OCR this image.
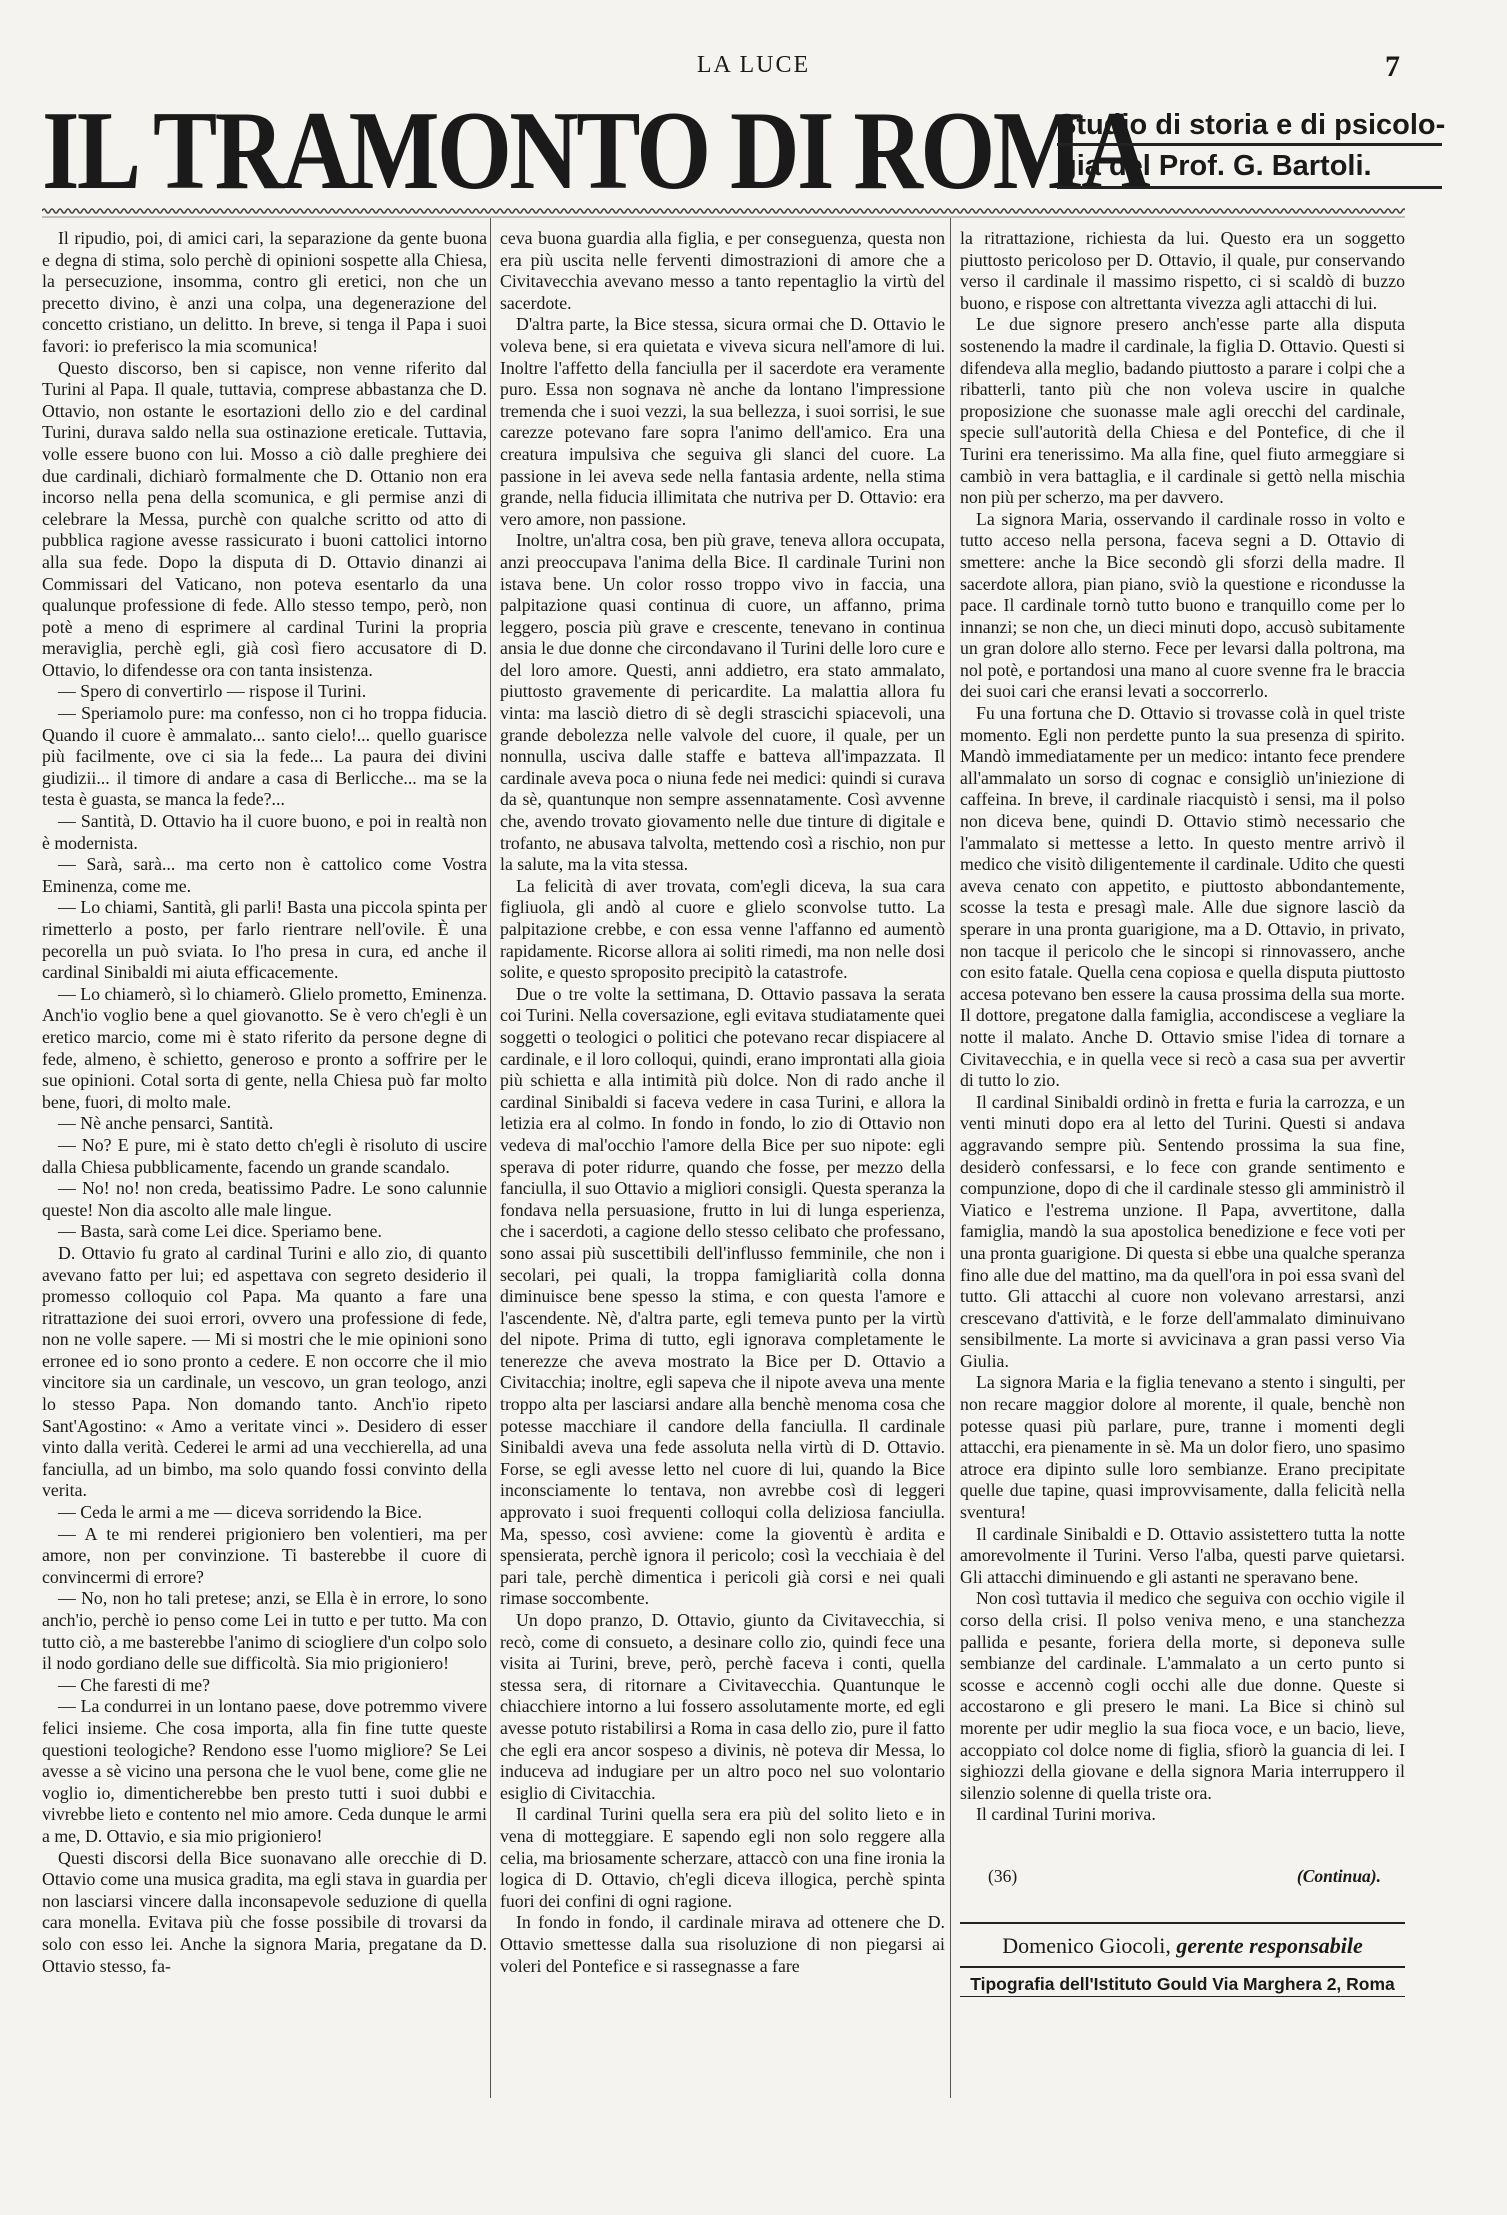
LA LUCE	7
IL TRAMONTO DI ROMA
Studio di storia e di psicolo-
gia del Prof. G. Bartoli.

Il ripudio, poi, di amici cari, la separazione da gente buona e degna di stima, solo perchè di opinioni sospette alla Chiesa, la persecuzione, insomma, contro gli eretici, non che un precetto divino, è anzi una colpa, una degenerazione del concetto cristiano, un delitto. In breve, si tenga il Papa i suoi favori: io preferisco la mia scomunica!

Questo discorso, ben si capisce, non venne riferito dal Turini al Papa. Il quale, tuttavia, comprese abbastanza che D. Ottavio, non ostante le esortazioni dello zio e del cardinal Turini, durava saldo nella sua ostinazione ereticale. Tuttavia, volle essere buono con lui. Mosso a ciò dalle preghiere dei due cardinali, dichiarò formalmente che D. Ottanio non era incorso nella pena della scomunica, e gli permise anzi di celebrare la Messa, purchè con qualche scritto od atto di pubblica ragione avesse rassicurato i buoni cattolici intorno alla sua fede. Dopo la disputa di D. Ottavio dinanzi ai Commissari del Vaticano, non poteva esentarlo da una qualunque professione di fede. Allo stesso tempo, però, non potè a meno di esprimere al cardinal Turini la propria meraviglia, perchè egli, già così fiero accusatore di D. Ottavio, lo difendesse ora con tanta insistenza.

— Spero di convertirlo — rispose il Turini.

— Speriamolo pure: ma confesso, non ci ho troppa fiducia. Quando il cuore è ammalato... santo cielo!... quello guarisce più facilmente, ove ci sia la fede... La paura dei divini giudizii... il timore di andare a casa di Berlicche... ma se la testa è guasta, se manca la fede?...

— Santità, D. Ottavio ha il cuore buono, e poi in realtà non è modernista.

— Sarà, sarà... ma certo non è cattolico come Vostra Eminenza, come me.

— Lo chiami, Santità, gli parli! Basta una piccola spinta per rimetterlo a posto, per farlo rientrare nell'ovile. È una pecorella un può sviata. Io l'ho presa in cura, ed anche il cardinal Sinibaldi mi aiuta efficacemente.

— Lo chiamerò, sì lo chiamerò. Glielo prometto, Eminenza. Anch'io voglio bene a quel giovanotto. Se è vero ch'egli è un eretico marcio, come mi è stato riferito da persone degne di fede, almeno, è schietto, generoso e pronto a soffrire per le sue opinioni. Cotal sorta di gente, nella Chiesa può far molto bene, fuori, di molto male.

— Nè anche pensarci, Santità.

— No? E pure, mi è stato detto ch'egli è risoluto di uscire dalla Chiesa pubblicamente, facendo un grande scandalo.

— No! no! non creda, beatissimo Padre. Le sono calunnie queste! Non dia ascolto alle male lingue.

— Basta, sarà come Lei dice. Speriamo bene.

D. Ottavio fu grato al cardinal Turini e allo zio, di quanto avevano fatto per lui; ed aspettava con segreto desiderio il promesso colloquio col Papa. Ma quanto a fare una ritrattazione dei suoi errori, ovvero una professione di fede, non ne volle sapere. — Mi si mostri che le mie opinioni sono erronee ed io sono pronto a cedere. E non occorre che il mio vincitore sia un cardinale, un vescovo, un gran teologo, anzi lo stesso Papa. Non domando tanto. Anch'io ripeto Sant'Agostino: « Amo a veritate vinci ». Desidero di esser vinto dalla verità. Cederei le armi ad una vecchierella, ad una fanciulla, ad un bimbo, ma solo quando fossi convinto della verita.

— Ceda le armi a me — diceva sorridendo la Bice.

— A te mi renderei prigioniero ben volentieri, ma per amore, non per convinzione. Ti basterebbe il cuore di convincermi di errore?

— No, non ho tali pretese; anzi, se Ella è in errore, lo sono anch'io, perchè io penso come Lei in tutto e per tutto. Ma con tutto ciò, a me basterebbe l'animo di sciogliere d'un colpo solo il nodo gordiano delle sue difficoltà. Sia mio prigioniero!

— Che faresti di me?

— La condurrei in un lontano paese, dove potremmo vivere felici insieme. Che cosa importa, alla fin fine tutte queste questioni teologiche? Rendono esse l'uomo migliore? Se Lei avesse a sè vicino una persona che le vuol bene, come glie ne voglio io, dimenticherebbe ben presto tutti i suoi dubbi e vivrebbe lieto e contento nel mio amore. Ceda dunque le armi a me, D. Ottavio, e sia mio prigioniero!

Questi discorsi della Bice suonavano alle orecchie di D. Ottavio come una musica gradita, ma egli stava in guardia per non lasciarsi vincere dalla inconsapevole seduzione di quella cara monella. Evitava più che fosse possibile di trovarsi da solo con esso lei. Anche la signora Maria, pregatane da D. Ottavio stesso, fa-

ceva buona guardia alla figlia, e per conseguenza, questa non era più uscita nelle ferventi dimostrazioni di amore che a Civitavecchia avevano messo a tanto repentaglio la virtù del sacerdote.

D'altra parte, la Bice stessa, sicura ormai che D. Ottavio le voleva bene, si era quietata e viveva sicura nell'amore di lui. Inoltre l'affetto della fanciulla per il sacerdote era veramente puro. Essa non sognava nè anche da lontano l'impressione tremenda che i suoi vezzi, la sua bellezza, i suoi sorrisi, le sue carezze potevano fare sopra l'animo dell'amico. Era una creatura impulsiva che seguiva gli slanci del cuore. La passione in lei aveva sede nella fantasia ardente, nella stima grande, nella fiducia illimitata che nutriva per D. Ottavio: era vero amore, non passione.

Inoltre, un'altra cosa, ben più grave, teneva allora occupata, anzi preoccupava l'anima della Bice. Il cardinale Turini non istava bene. Un color rosso troppo vivo in faccia, una palpitazione quasi continua di cuore, un affanno, prima leggero, poscia più grave e crescente, tenevano in continua ansia le due donne che circondavano il Turini delle loro cure e del loro amore. Questi, anni addietro, era stato ammalato, piuttosto gravemente di pericardite. La malattia allora fu vinta: ma lasciò dietro di sè degli strascichi spiacevoli, una grande debolezza nelle valvole del cuore, il quale, per un nonnulla, usciva dalle staffe e batteva all'impazzata. Il cardinale aveva poca o niuna fede nei medici: quindi si curava da sè, quantunque non sempre assennatamente. Così avvenne che, avendo trovato giovamento nelle due tinture di digitale e trofanto, ne abusava talvolta, mettendo così a rischio, non pur la salute, ma la vita stessa.

La felicità di aver trovata, com'egli diceva, la sua cara figliuola, gli andò al cuore e glielo sconvolse tutto. La palpitazione crebbe, e con essa venne l'affanno ed aumentò rapidamente. Ricorse allora ai soliti rimedi, ma non nelle dosi solite, e questo sproposito precipitò la catastrofe.

Due o tre volte la settimana, D. Ottavio passava la serata coi Turini. Nella coversazione, egli evitava studiatamente quei soggetti o teologici o politici che potevano recar dispiacere al cardinale, e il loro colloqui, quindi, erano improntati alla gioia più schietta e alla intimità più dolce. Non di rado anche il cardinal Sinibaldi si faceva vedere in casa Turini, e allora la letizia era al colmo. In fondo in fondo, lo zio di Ottavio non vedeva di mal'occhio l'amore della Bice per suo nipote: egli sperava di poter ridurre, quando che fosse, per mezzo della fanciulla, il suo Ottavio a migliori consigli. Questa speranza la fondava nella persuasione, frutto in lui di lunga esperienza, che i sacerdoti, a cagione dello stesso celibato che professano, sono assai più suscettibili dell'influsso femminile, che non i secolari, pei quali, la troppa famigliarità colla donna diminuisce bene spesso la stima, e con questa l'amore e l'ascendente. Nè, d'altra parte, egli temeva punto per la virtù del nipote. Prima di tutto, egli ignorava completamente le tenerezze che aveva mostrato la Bice per D. Ottavio a Civitacchia; inoltre, egli sapeva che il nipote aveva una mente troppo alta per lasciarsi andare alla benchè menoma cosa che potesse macchiare il candore della fanciulla. Il cardinale Sinibaldi aveva una fede assoluta nella virtù di D. Ottavio. Forse, se egli avesse letto nel cuore di lui, quando la Bice inconsciamente lo tentava, non avrebbe così di leggeri approvato i suoi frequenti colloqui colla deliziosa fanciulla. Ma, spesso, così avviene: come la gioventù è ardita e spensierata, perchè ignora il pericolo; così la vecchiaia è del pari tale, perchè dimentica i pericoli già corsi e nei quali rimase soccombente.

Un dopo pranzo, D. Ottavio, giunto da Civitavecchia, si recò, come di consueto, a desinare collo zio, quindi fece una visita ai Turini, breve, però, perchè faceva i conti, quella stessa sera, di ritornare a Civitavecchia. Quantunque le chiacchiere intorno a lui fossero assolutamente morte, ed egli avesse potuto ristabilirsi a Roma in casa dello zio, pure il fatto che egli era ancor sospeso a divinis, nè poteva dir Messa, lo induceva ad indugiare per un altro poco nel suo volontario esiglio di Civitacchia.

Il cardinal Turini quella sera era più del solito lieto e in vena di motteggiare. E sapendo egli non solo reggere alla celia, ma briosamente scherzare, attaccò con una fine ironia la logica di D. Ottavio, ch'egli diceva illogica, perchè spinta fuori dei confini di ogni ragione.

In fondo in fondo, il cardinale mirava ad ottenere che D. Ottavio smettesse dalla sua risoluzione di non piegarsi ai voleri del Pontefice e si rassegnasse a fare

la ritrattazione, richiesta da lui. Questo era un soggetto piuttosto pericoloso per D. Ottavio, il quale, pur conservando verso il cardinale il massimo rispetto, ci si scaldò di buzzo buono, e rispose con altrettanta vivezza agli attacchi di lui.

Le due signore presero anch'esse parte alla disputa sostenendo la madre il cardinale, la figlia D. Ottavio. Questi si difendeva alla meglio, badando piuttosto a parare i colpi che a ribatterli, tanto più che non voleva uscire in qualche proposizione che suonasse male agli orecchi del cardinale, specie sull'autorità della Chiesa e del Pontefice, di che il Turini era tenerissimo. Ma alla fine, quel fiuto armeggiare si cambiò in vera battaglia, e il cardinale si gettò nella mischia non più per scherzo, ma per davvero.

La signora Maria, osservando il cardinale rosso in volto e tutto acceso nella persona, faceva segni a D. Ottavio di smettere: anche la Bice secondò gli sforzi della madre. Il sacerdote allora, pian piano, sviò la questione e ricondusse la pace. Il cardinale tornò tutto buono e tranquillo come per lo innanzi; se non che, un dieci minuti dopo, accusò subitamente un gran dolore allo sterno. Fece per levarsi dalla poltrona, ma nol potè, e portandosi una mano al cuore svenne fra le braccia dei suoi cari che eransi levati a soccorrerlo.

Fu una fortuna che D. Ottavio si trovasse colà in quel triste momento. Egli non perdette punto la sua presenza di spirito. Mandò immediatamente per un medico: intanto fece prendere all'ammalato un sorso di cognac e consigliò un'iniezione di caffeina. In breve, il cardinale riacquistò i sensi, ma il polso non diceva bene, quindi D. Ottavio stimò necessario che l'ammalato si mettesse a letto. In questo mentre arrivò il medico che visitò diligentemente il cardinale. Udito che questi aveva cenato con appetito, e piuttosto abbondantemente, scosse la testa e presagì male. Alle due signore lasciò da sperare in una pronta guarigione, ma a D. Ottavio, in privato, non tacque il pericolo che le sincopi si rinnovassero, anche con esito fatale. Quella cena copiosa e quella disputa piuttosto accesa potevano ben essere la causa prossima della sua morte. Il dottore, pregatone dalla famiglia, accondiscese a vegliare la notte il malato. Anche D. Ottavio smise l'idea di tornare a Civitavecchia, e in quella vece si recò a casa sua per avvertir di tutto lo zio.

Il cardinal Sinibaldi ordinò in fretta e furia la carrozza, e un venti minuti dopo era al letto del Turini. Questi si andava aggravando sempre più. Sentendo prossima la sua fine, desiderò confessarsi, e lo fece con grande sentimento e compunzione, dopo di che il cardinale stesso gli amministrò il Viatico e l'estrema unzione. Il Papa, avvertitone, dalla famiglia, mandò la sua apostolica benedizione e fece voti per una pronta guarigione. Di questa si ebbe una qualche speranza fino alle due del mattino, ma da quell'ora in poi essa svanì del tutto. Gli attacchi al cuore non volevano arrestarsi, anzi crescevano d'attività, e le forze dell'ammalato diminuivano sensibilmente. La morte si avvicinava a gran passi verso Via Giulia.

La signora Maria e la figlia tenevano a stento i singulti, per non recare maggior dolore al morente, il quale, benchè non potesse quasi più parlare, pure, tranne i momenti degli attacchi, era pienamente in sè. Ma un dolor fiero, uno spasimo atroce era dipinto sulle loro sembianze. Erano precipitate quelle due tapine, quasi improvvisamente, dalla felicità nella sventura!

Il cardinale Sinibaldi e D. Ottavio assistettero tutta la notte amorevolmente il Turini. Verso l'alba, questi parve quietarsi. Gli attacchi diminuendo e gli astanti ne speravano bene.

Non così tuttavia il medico che seguiva con occhio vigile il corso della crisi. Il polso veniva meno, e una stanchezza pallida e pesante, foriera della morte, si deponeva sulle sembianze del cardinale. L'ammalato a un certo punto si scosse e accennò cogli occhi alle due donne. Queste si accostarono e gli presero le mani. La Bice si chinò sul morente per udir meglio la sua fioca voce, e un bacio, lieve, accoppiato col dolce nome di figlia, sfiorò la guancia di lei. I sighiozzi della giovane e della signora Maria interruppero il silenzio solenne di quella triste ora.

Il cardinal Turini moriva.

(36)	(Continua).
Domenico Giocoli, gerente responsabile
Tipografia dell'Istituto Gould Via Marghera 2, Roma
